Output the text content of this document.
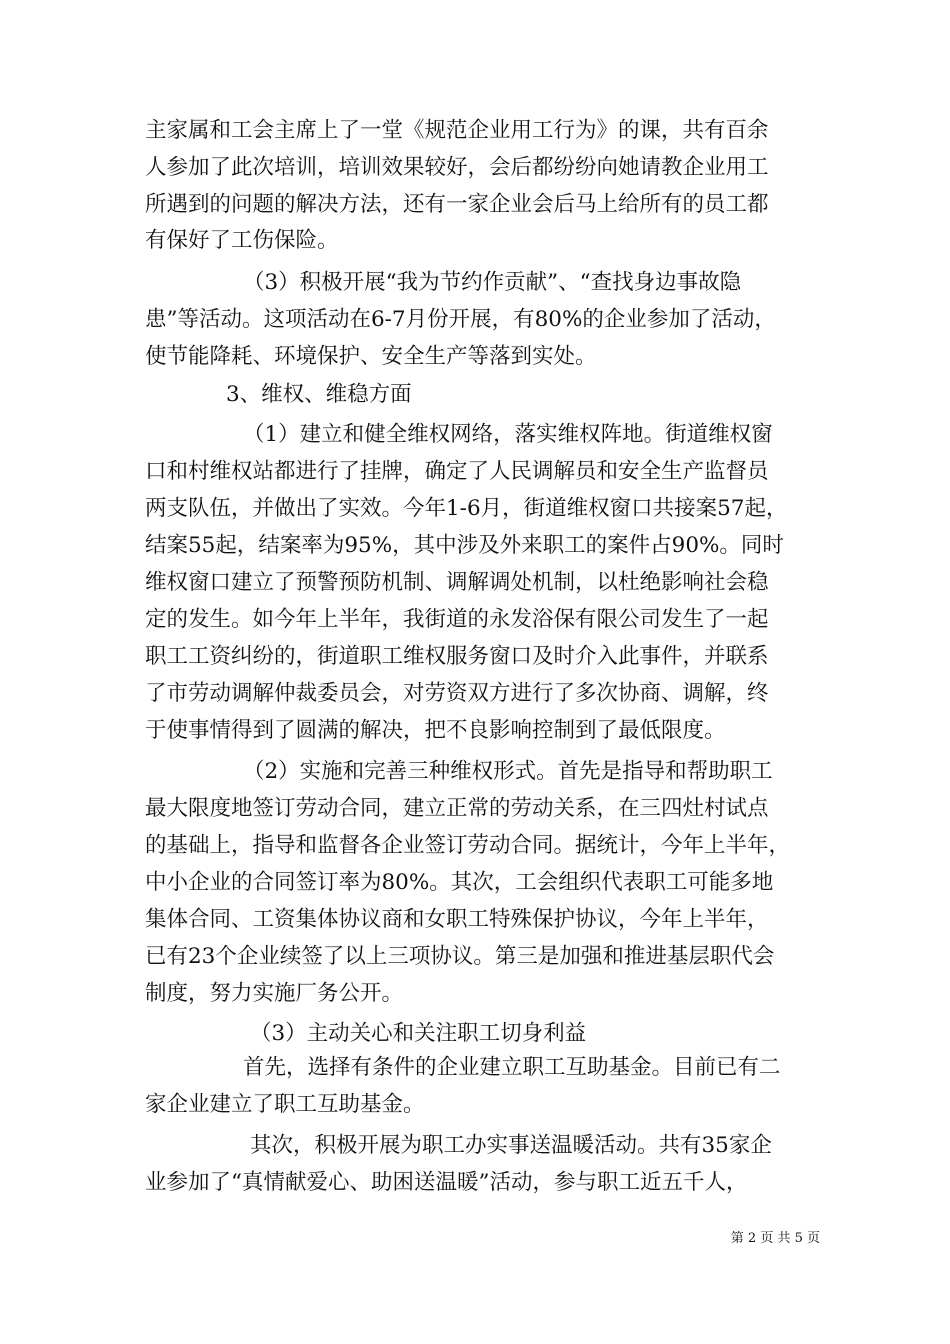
主家属和工会主席上了一堂《规范企业用工行为》的课，共有百余
人参加了此次培训，培训效果较好，会后都纷纷向她请教企业用工
所遇到的问题的解决方法，还有一家企业会后马上给所有的员工都
有保好了工伤保险。
（3）积极开展“我为节约作贡献”、“查找身边事故隐
患”等活动。这项活动在6-7月份开展，有80%的企业参加了活动，
使节能降耗、环境保护、安全生产等落到实处。
3、维权、维稳方面
（1）建立和健全维权网络，落实维权阵地。街道维权窗
口和村维权站都进行了挂牌，确定了人民调解员和安全生产监督员
两支队伍，并做出了实效。今年1-6月，街道维权窗口共接案57起，
结案55起，结案率为95%，其中涉及外来职工的案件占90%。同时
维权窗口建立了预警预防机制、调解调处机制，以杜绝影响社会稳
定的发生。如今年上半年，我街道的永发浴保有限公司发生了一起
职工工资纠纷的，街道职工维权服务窗口及时介入此事件，并联系
了市劳动调解仲裁委员会，对劳资双方进行了多次协商、调解，终
于使事情得到了圆满的解决，把不良影响控制到了最低限度。
（2）实施和完善三种维权形式。首先是指导和帮助职工
最大限度地签订劳动合同，建立正常的劳动关系，在三四灶村试点
的基础上，指导和监督各企业签订劳动合同。据统计，今年上半年，
中小企业的合同签订率为80%。其次，工会组织代表职工可能多地
集体合同、工资集体协议商和女职工特殊保护协议，今年上半年，
已有23个企业续签了以上三项协议。第三是加强和推进基层职代会
制度，努力实施厂务公开。
（3）主动关心和关注职工切身利益
首先，选择有条件的企业建立职工互助基金。目前已有二
家企业建立了职工互助基金。
其次，积极开展为职工办实事送温暖活动。共有35家企
业参加了“真情献爱心、助困送温暖”活动，参与职工近五千人，
第 2 页 共 5 页
